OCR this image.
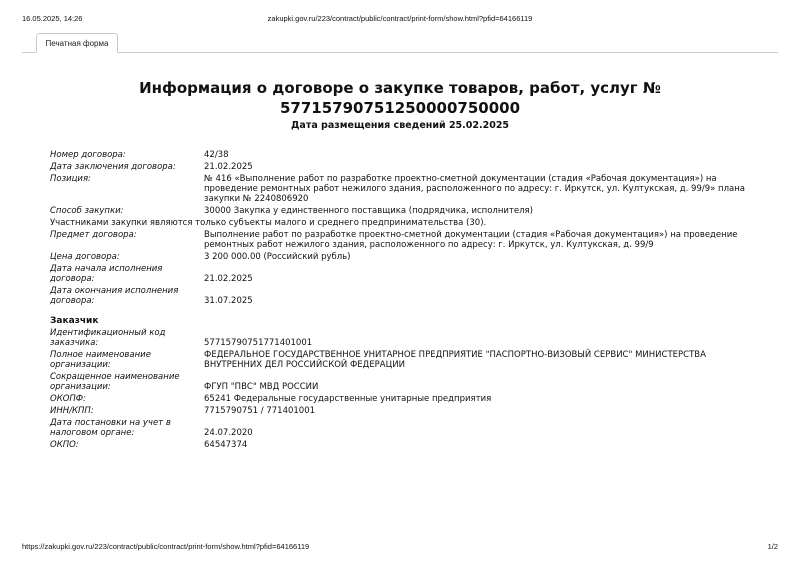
16.05.2025, 14:26	zakupki.gov.ru/223/contract/public/contract/print-form/show.html?pfid=64166119
Печатная форма
Информация о договоре о закупке товаров, работ, услуг №
57715790751250000750000
Дата размещения сведений 25.02.2025
Номер договора:	42/38
Дата заключения договора:	21.02.2025
Позиция:	№ 416 «Выполнение работ по разработке проектно-сметной документации (стадия «Рабочая документация») на проведение ремонтных работ нежилого здания, расположенного по адресу: г. Иркутск, ул. Култукская, д. 99/9» плана закупки № 2240806920
Способ закупки:	30000 Закупка у единственного поставщика (подрядчика, исполнителя)
Участниками закупки являются только субъекты малого и среднего предпринимательства (30).
Предмет договора:	Выполнение работ по разработке проектно-сметной документации (стадия «Рабочая документация») на проведение ремонтных работ нежилого здания, расположенного по адресу: г. Иркутск, ул. Култукская, д. 99/9
Цена договора:	3 200 000.00 (Российский рубль)
Дата начала исполнения договора:	21.02.2025
Дата окончания исполнения договора:	31.07.2025
Заказчик
Идентификационный код заказчика:	57715790751771401001
Полное наименование организации:
ФЕДЕРАЛЬНОЕ ГОСУДАРСТВЕННОЕ УНИТАРНОЕ ПРЕДПРИЯТИЕ "ПАСПОРТНО-ВИЗОВЫЙ СЕРВИС" МИНИСТЕРСТВА ВНУТРЕННИХ ДЕЛ РОССИЙСКОЙ ФЕДЕРАЦИИ
Сокращенное наименование организации:	ФГУП "ПВС" МВД РОССИИ
ОКОПФ:	65241 Федеральные государственные унитарные предприятия
ИНН/КПП:	7715790751 / 771401001
Дата постановки на учет в налоговом органе:	24.07.2020
ОКПО:	64547374
https://zakupki.gov.ru/223/contract/public/contract/print-form/show.html?pfid=64166119	1/2
